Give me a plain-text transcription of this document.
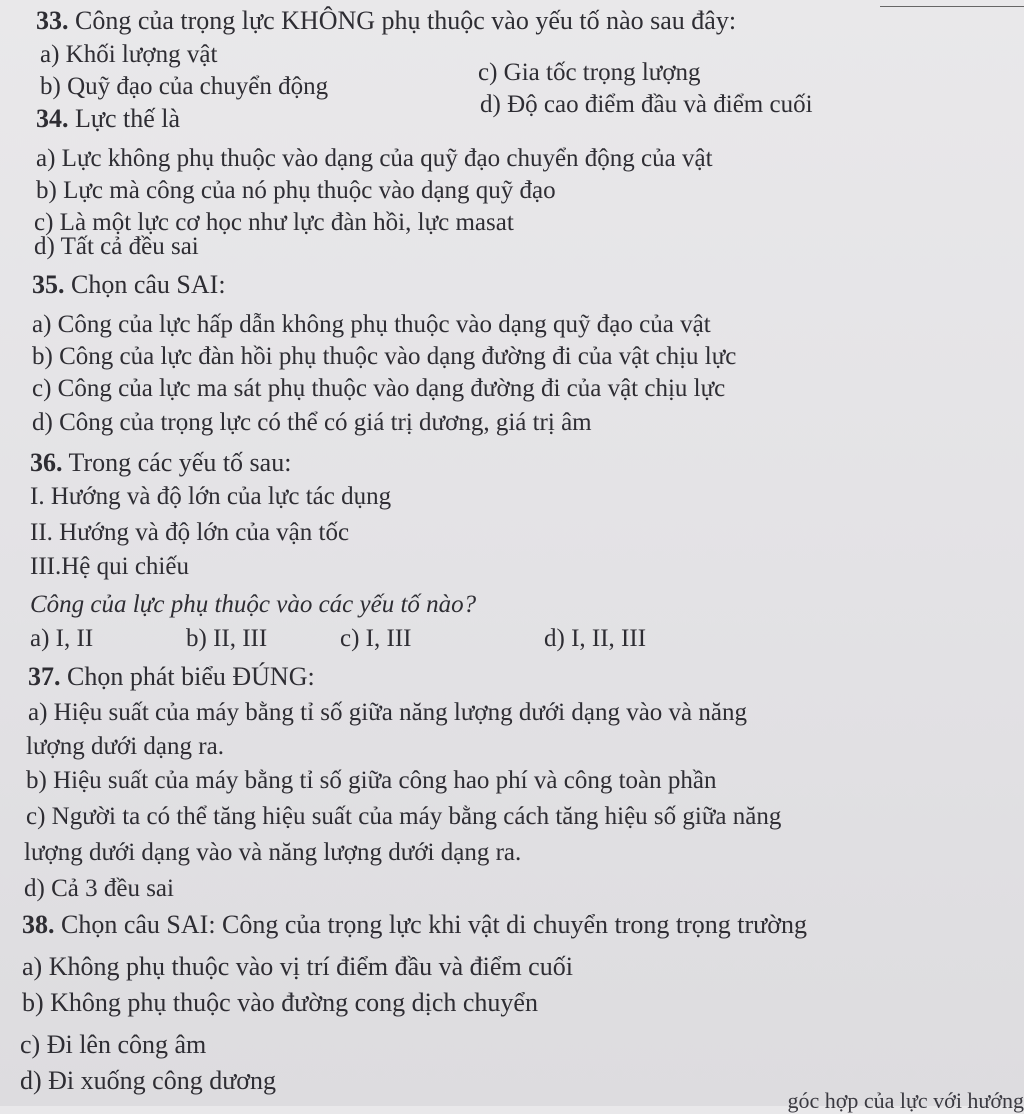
33. Công của trọng lực KHÔNG phụ thuộc vào yếu tố nào sau đây:
a) Khối lượng vật
c) Gia tốc trọng lượng
b) Quỹ đạo của chuyển động
d) Độ cao điểm đầu và điểm cuối
34. Lực thế là
a) Lực không phụ thuộc vào dạng của quỹ đạo chuyển động của vật
b) Lực mà công của nó phụ thuộc vào dạng quỹ đạo
c) Là một lực cơ học như lực đàn hồi, lực masat
d) Tất cả đều sai
35. Chọn câu SAI:
a) Công của lực hấp dẫn không phụ thuộc vào dạng quỹ đạo của vật
b) Công của lực đàn hồi phụ thuộc vào dạng đường đi của vật chịu lực
c) Công của lực ma sát phụ thuộc vào dạng đường đi của vật chịu lực
d) Công của trọng lực có thể có giá trị dương, giá trị âm
36. Trong các yếu tố sau:
I. Hướng và độ lớn của lực tác dụng
II. Hướng và độ lớn của vận tốc
III.Hệ qui chiếu
Công của lực phụ thuộc vào các yếu tố nào?
a) I, II	b) II, III	c) I, III	d) I, II, III
37. Chọn phát biểu ĐÚNG:
a) Hiệu suất của máy bằng tỉ số giữa năng lượng dưới dạng vào và năng
lượng dưới dạng ra.
b) Hiệu suất của máy bằng tỉ số giữa công hao phí và công toàn phần
c) Người ta có thể tăng hiệu suất của máy bằng cách tăng hiệu số giữa năng
lượng dưới dạng vào và năng lượng dưới dạng ra.
d) Cả 3 đều sai
38. Chọn câu SAI: Công của trọng lực khi vật di chuyển trong trọng trường
a) Không phụ thuộc vào vị trí điểm đầu và điểm cuối
b) Không phụ thuộc vào đường cong dịch chuyển
c) Đi lên công âm
d) Đi xuống công dương
góc hợp của lực với hướng
